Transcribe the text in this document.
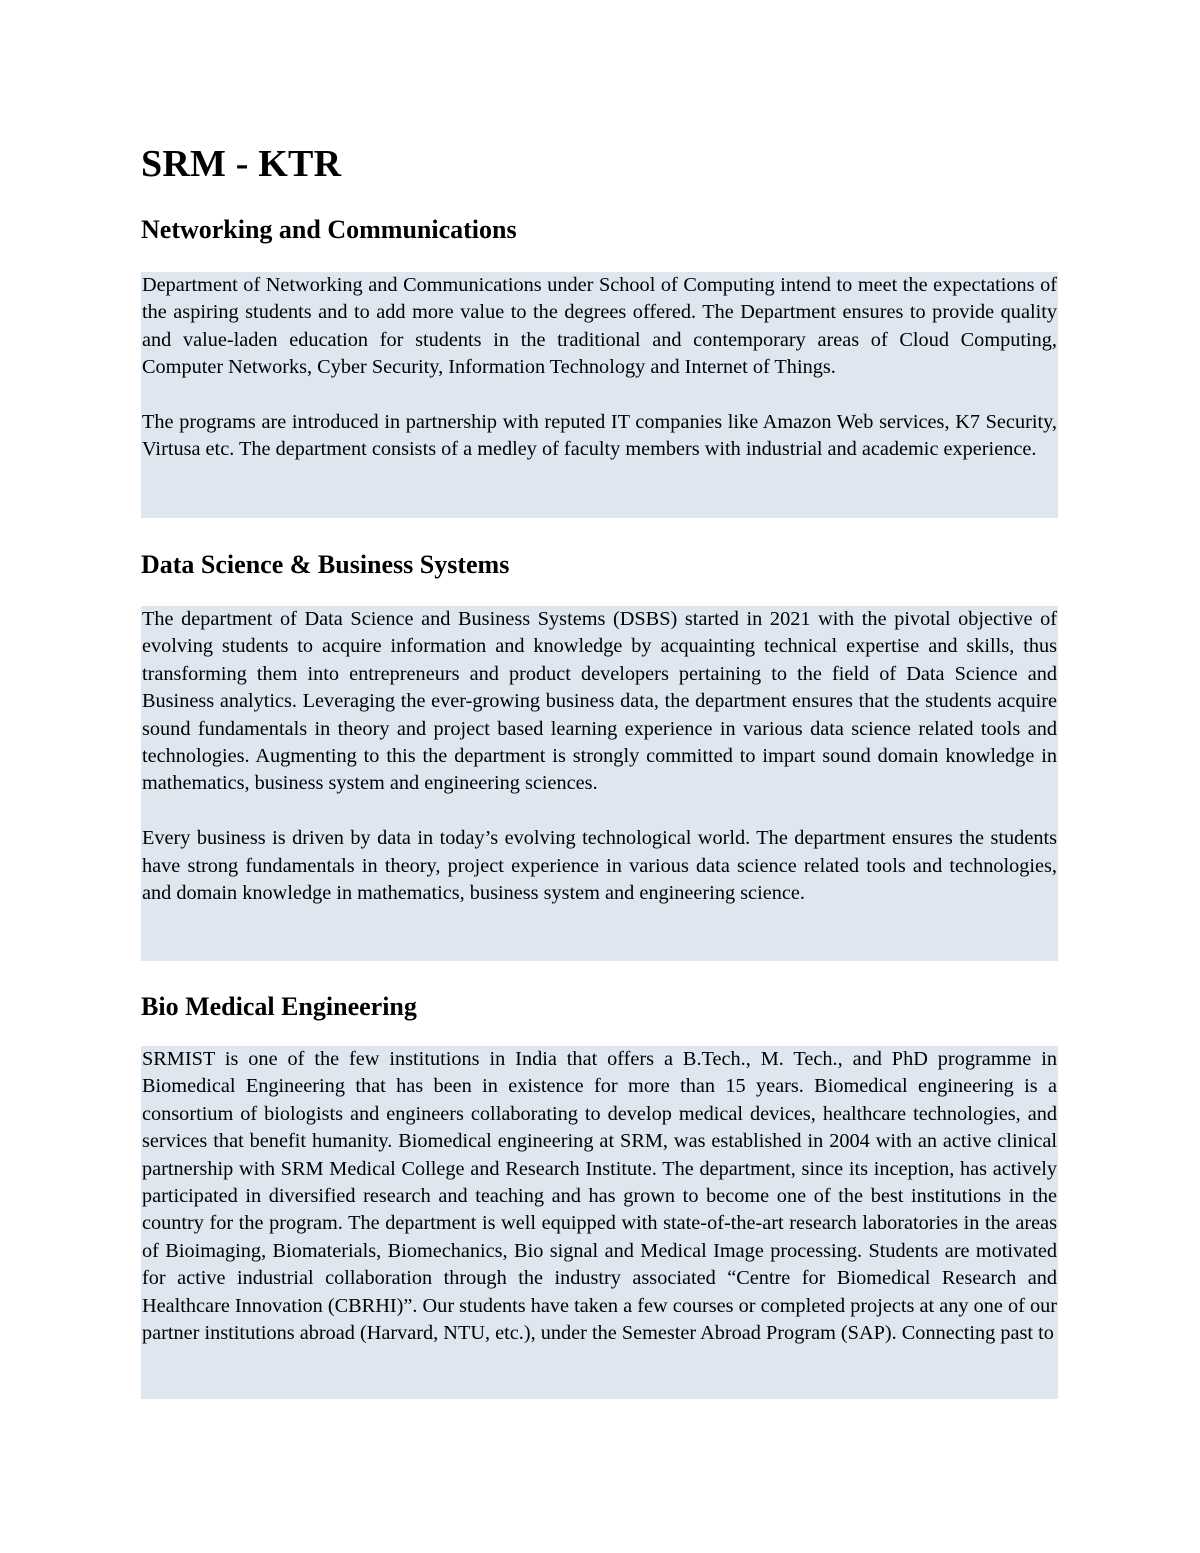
SRM - KTR
Networking and Communications

Department of Networking and Communications under School of Computing intend to meet the expectations of the aspiring students and to add more value to the degrees offered. The Department ensures to provide quality and value-laden education for students in the traditional and contemporary areas of Cloud Computing, Computer Networks, Cyber Security, Information Technology and Internet of Things.

The programs are introduced in partnership with reputed IT companies like Amazon Web services, K7 Security, Virtusa etc. The department consists of a medley of faculty members with industrial and academic experience.

Data Science & Business Systems

The department of Data Science and Business Systems (DSBS) started in 2021 with the pivotal objective of evolving students to acquire information and knowledge by acquainting technical expertise and skills, thus transforming them into entrepreneurs and product developers pertaining to the field of Data Science and Business analytics. Leveraging the ever-growing business data, the department ensures that the students acquire sound fundamentals in theory and project based learning experience in various data science related tools and technologies. Augmenting to this the department is strongly committed to impart sound domain knowledge in mathematics, business system and engineering sciences.

Every business is driven by data in today’s evolving technological world. The department ensures the students have strong fundamentals in theory, project experience in various data science related tools and technologies, and domain knowledge in mathematics, business system and engineering science.

Bio Medical Engineering

SRMIST is one of the few institutions in India that offers a B.Tech., M. Tech., and PhD programme in Biomedical Engineering that has been in existence for more than 15 years. Biomedical engineering is a consortium of biologists and engineers collaborating to develop medical devices, healthcare technologies, and services that benefit humanity. Biomedical engineering at SRM, was established in 2004 with an active clinical partnership with SRM Medical College and Research Institute. The department, since its inception, has actively participated in diversified research and teaching and has grown to become one of the best institutions in the country for the program. The department is well equipped with state-of-the-art research laboratories in the areas of Bioimaging, Biomaterials, Biomechanics, Bio signal and Medical Image processing. Students are motivated for active industrial collaboration through the industry associated “Centre for Biomedical Research and Healthcare Innovation (CBRHI)”. Our students have taken a few courses or completed projects at any one of our partner institutions abroad (Harvard, NTU, etc.), under the Semester Abroad Program (SAP). Connecting past to
